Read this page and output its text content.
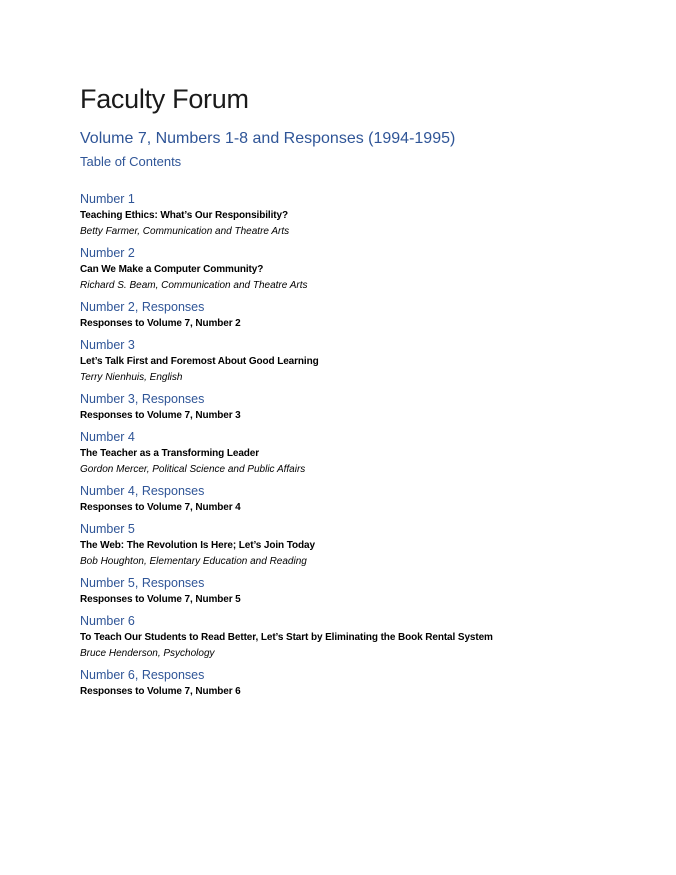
Faculty Forum
Volume 7, Numbers 1-8 and Responses (1994-1995)
Table of Contents
Number 1
Teaching Ethics: What’s Our Responsibility?
Betty Farmer, Communication and Theatre Arts
Number 2
Can We Make a Computer Community?
Richard S. Beam, Communication and Theatre Arts
Number 2, Responses
Responses to Volume 7, Number 2
Number 3
Let’s Talk First and Foremost About Good Learning
Terry Nienhuis, English
Number 3, Responses
Responses to Volume 7, Number 3
Number 4
The Teacher as a Transforming Leader
Gordon Mercer, Political Science and Public Affairs
Number 4, Responses
Responses to Volume 7, Number 4
Number 5
The Web: The Revolution Is Here; Let’s Join Today
Bob Houghton, Elementary Education and Reading
Number 5, Responses
Responses to Volume 7, Number 5
Number 6
To Teach Our Students to Read Better, Let’s Start by Eliminating the Book Rental System
Bruce Henderson, Psychology
Number 6, Responses
Responses to Volume 7, Number 6
